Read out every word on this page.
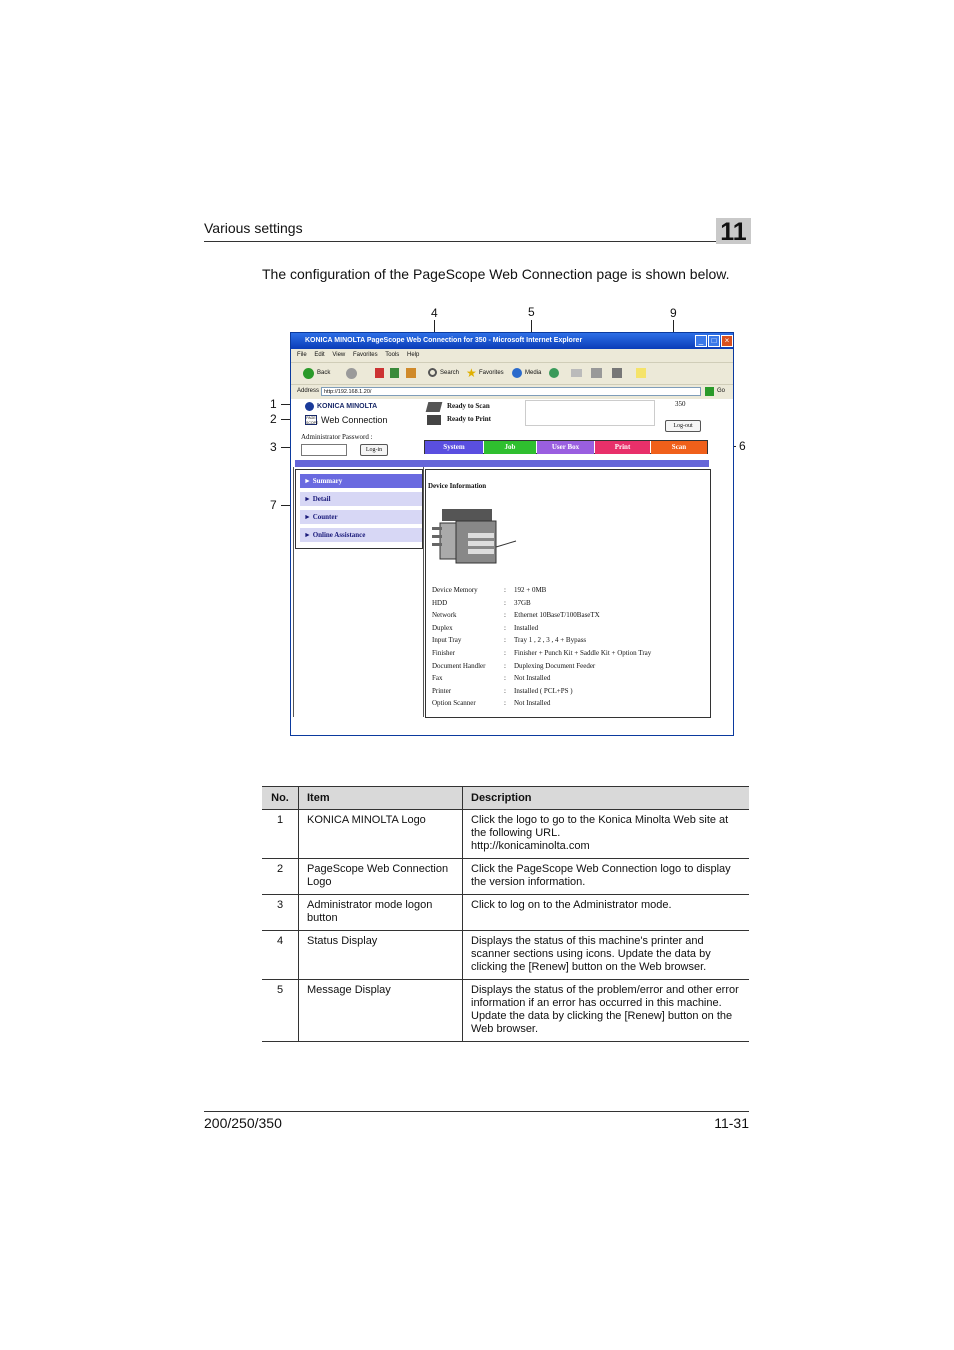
Various settings	11
The configuration of the PageScope Web Connection page is shown below.
4	5	9
1
2
3	6
7
KONICA MINOLTA PageScope Web Connection for 350 - Microsoft Internet Explorer	_	□	×
File Edit View Favorites Tools Help
Back	Search ★ Favorites	Media
Address http://192.168.1.20/	Go
KONICA MINOLTA
PAGE SCOPE Web Connection
Ready to Scan
Ready to Print
350
Log-out
Administrator Password :
Log-in	System	Job	User Box	Print	Scan
► Summary
► Detail
► Counter
► Online Assistance
Device Information
Device Memory	: 192 + 0MB
HDD	: 37GB
Network	: Ethernet 10BaseT/100BaseTX
Duplex	: Installed
Input Tray	: Tray 1 , 2 , 3 , 4 + Bypass
Finisher	: Finisher + Punch Kit + Saddle Kit + Option Tray
Document Handler	: Duplexing Document Feeder
Fax	: Not Installed
Printer	: Installed ( PCL+PS )
Option Scanner	: Not Installed
No.	Item	Description
1	KONICA MINOLTA Logo	Click the logo to go to the Konica Minolta Web site at the following URL.
http://konicaminolta.com
2	PageScope Web Connection Logo	Click the PageScope Web Connection logo to display the version information.
3	Administrator mode logon button	Click to log on to the Administrator mode.
4	Status Display	Displays the status of this machine's printer and scanner sections using icons. Update the data by clicking the [Renew] button on the Web browser.
5	Message Display	Displays the status of the problem/error and other error information if an error has occurred in this machine. Update the data by clicking the [Renew] button on the Web browser.
200/250/350	11-31
